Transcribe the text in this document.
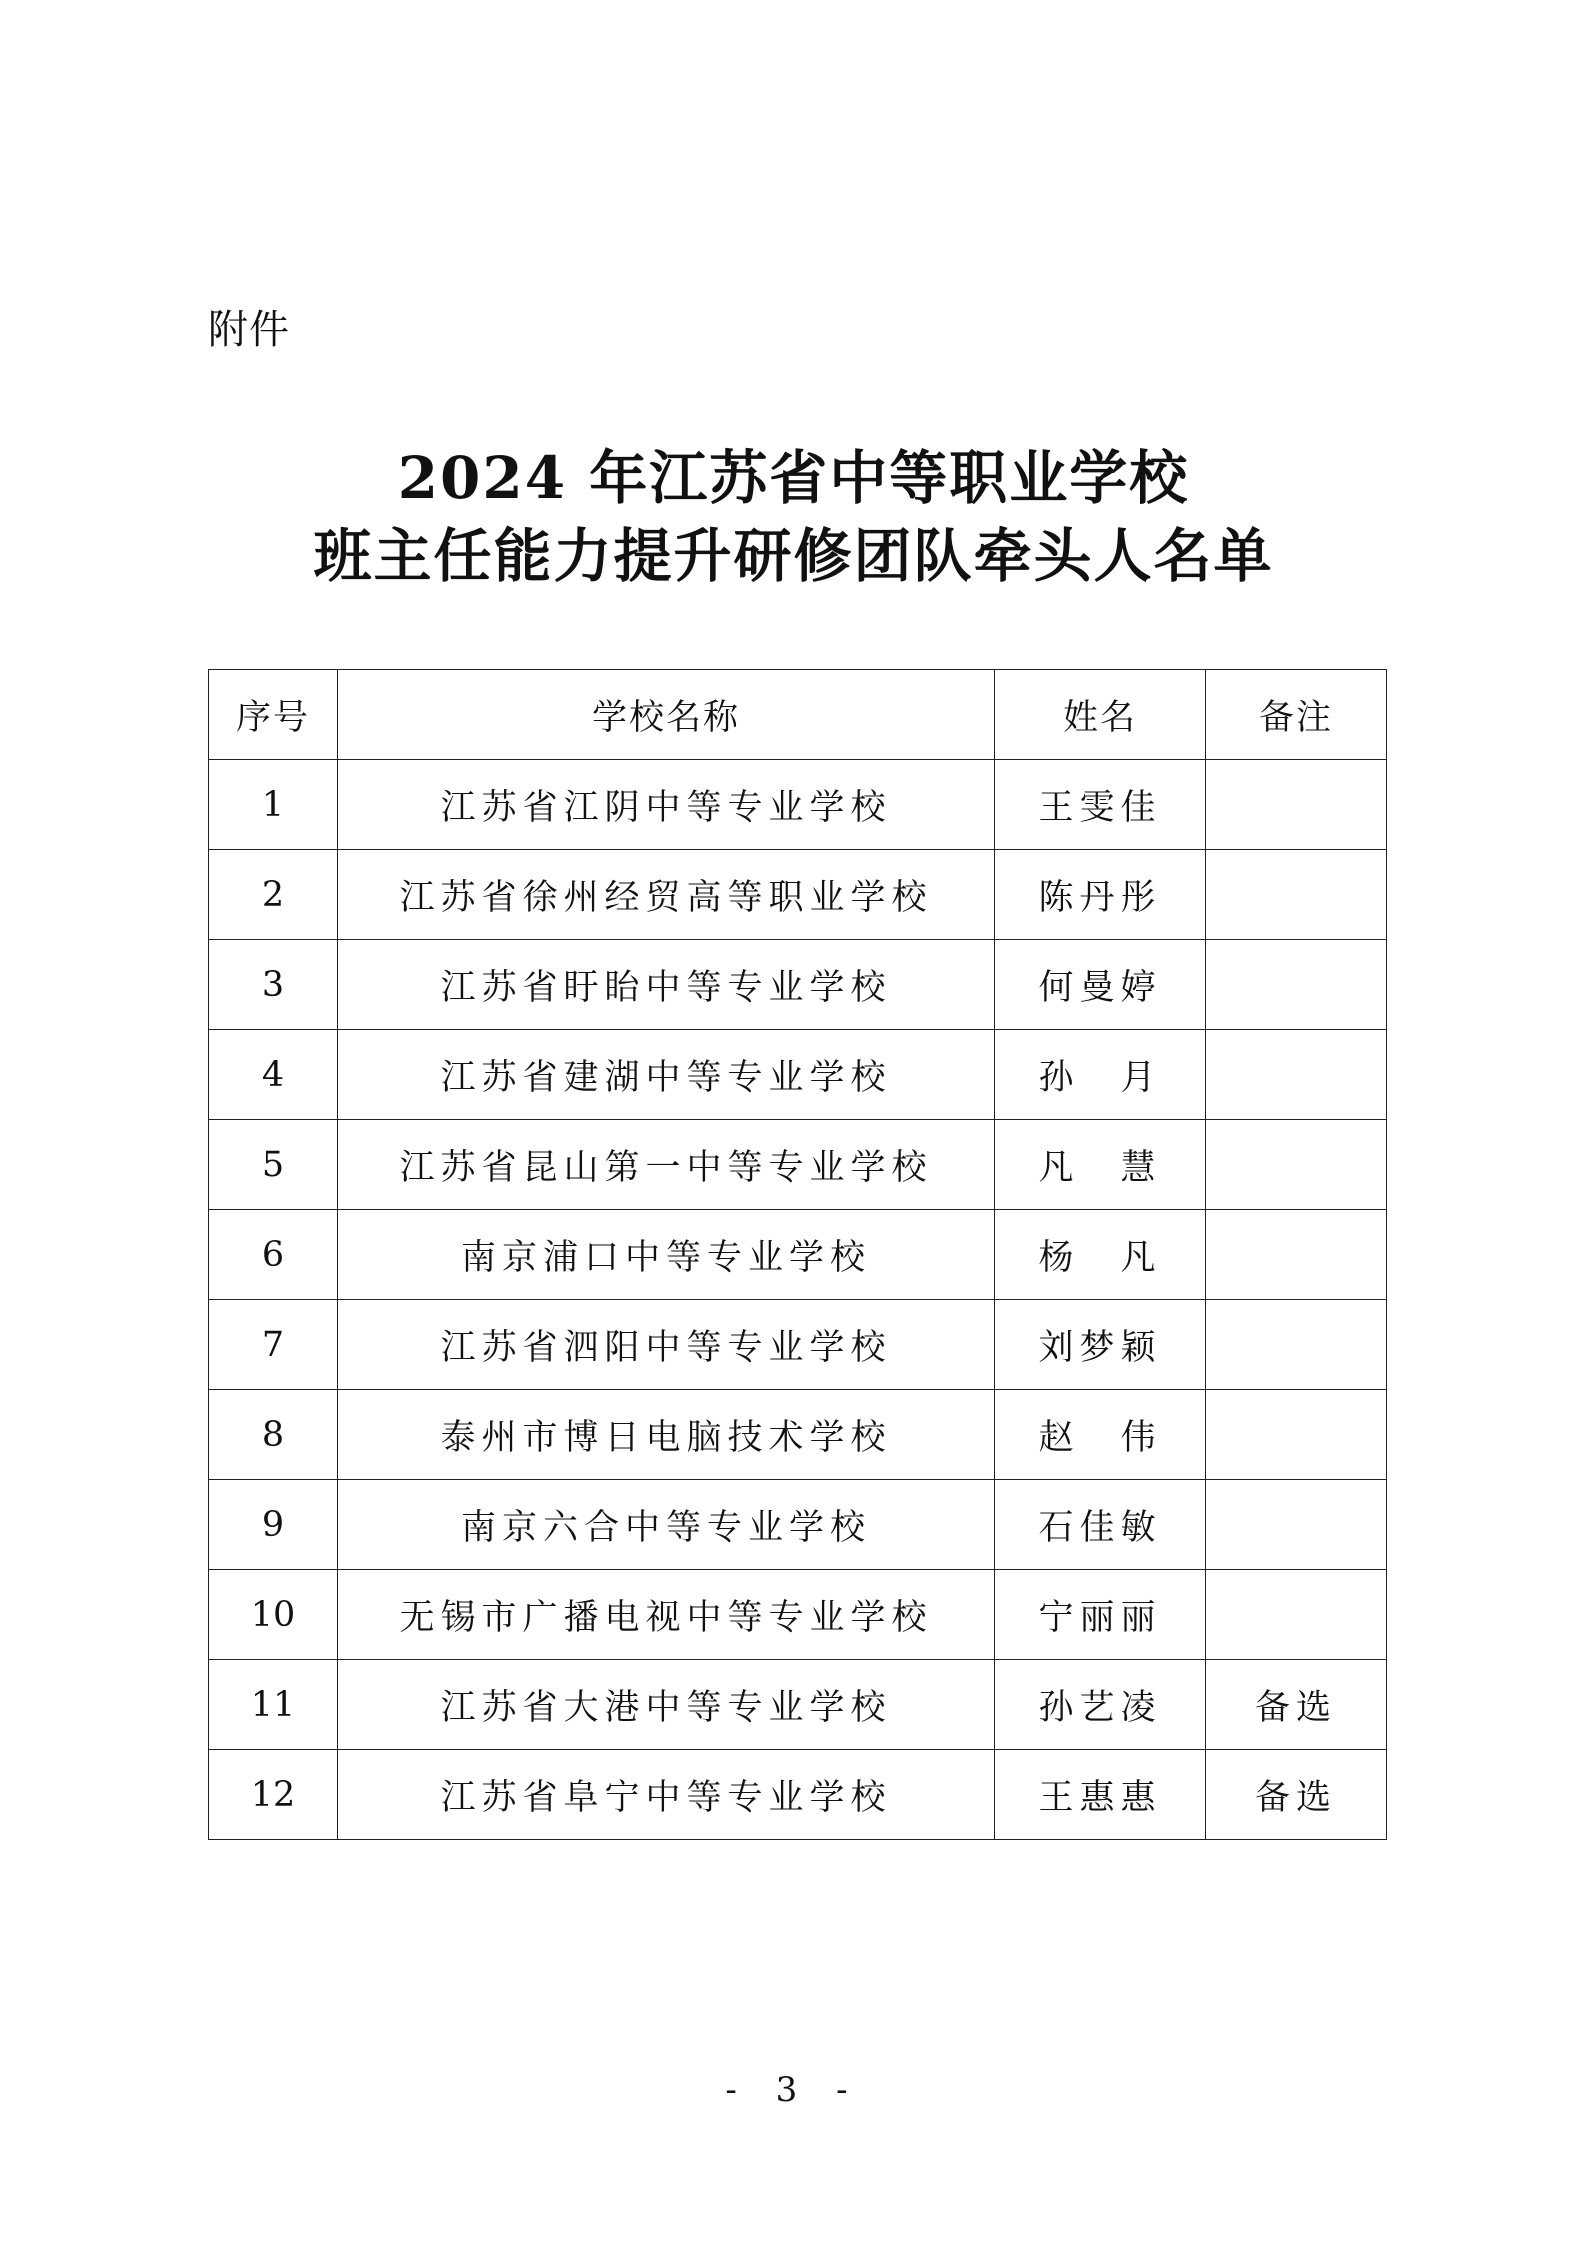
附件
2024 年江苏省中等职业学校
班主任能力提升研修团队牵头人名单
序号	学校名称	姓名	备注
1	江苏省江阴中等专业学校	王雯佳	
2	江苏省徐州经贸高等职业学校	陈丹彤	
3	江苏省盱眙中等专业学校	何曼婷	
4	江苏省建湖中等专业学校	孙　月	
5	江苏省昆山第一中等专业学校	凡　慧	
6	南京浦口中等专业学校	杨　凡	
7	江苏省泗阳中等专业学校	刘梦颖	
8	泰州市博日电脑技术学校	赵　伟	
9	南京六合中等专业学校	石佳敏	
10	无锡市广播电视中等专业学校	宁丽丽	
11	江苏省大港中等专业学校	孙艺凌	备选
12	江苏省阜宁中等专业学校	王惠惠	备选
- 3 -
